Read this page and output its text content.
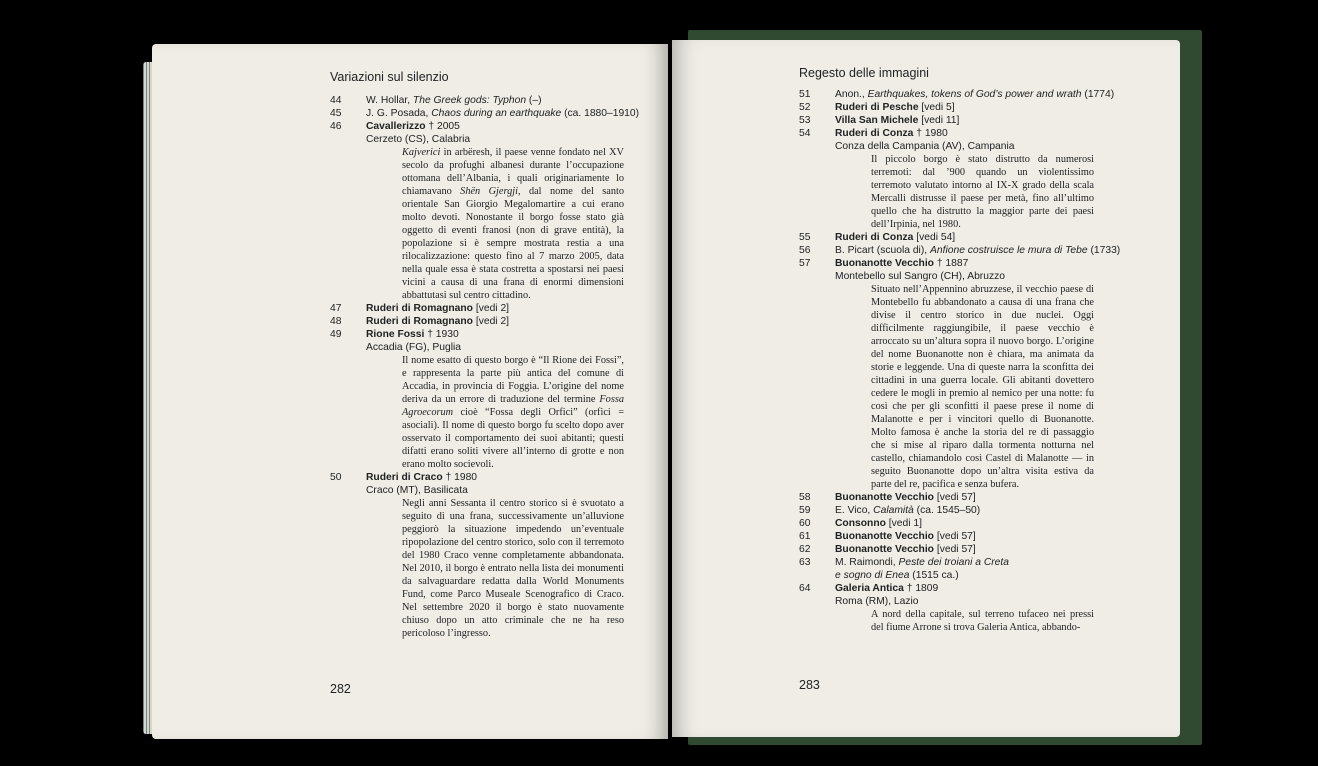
Variazioni sul silenzio
44	W. Hollar, The Greek gods: Typhon (–)
45	J. G. Posada, Chaos during an earthquake (ca. 1880–1910)
46	Cavallerizzo † 2005
Cerzeto (CS), Calabria
Kajverici in arbëresh, il paese venne fondato nel XV secolo da profughi albanesi durante l’occupazione ottomana dell’Albania, i quali originariamente lo chiamavano Shën Gjergji, dal nome del santo orientale San Giorgio Megalomartire a cui erano molto devoti. Nonostante il borgo fosse stato già oggetto di eventi franosi (non di grave entità), la popolazione si è sempre mostrata restia a una rilocalizzazione: questo fino al 7 marzo 2005, data nella quale essa è stata costretta a spostarsi nei paesi vicini a causa di una frana di enormi dimensioni abbattutasi sul centro cittadino.
47	Ruderi di Romagnano [vedi 2]
48	Ruderi di Romagnano [vedi 2]
49	Rione Fossi † 1930
Accadia (FG), Puglia
Il nome esatto di questo borgo è “Il Rione dei Fossi”, e rappresenta la parte più antica del comune di Accadia, in provincia di Foggia. L’origine del nome deriva da un errore di traduzione del termine Fossa Agroecorum cioè “Fossa degli Orfici” (orfici = asociali). Il nome di questo borgo fu scelto dopo aver osservato il comportamento dei suoi abitanti; questi difatti erano soliti vivere all’interno di grotte e non erano molto socievoli.
50	Ruderi di Craco † 1980
Craco (MT), Basilicata
Negli anni Sessanta il centro storico si è svuotato a seguito di una frana, successivamente un’alluvione peggiorò la situazione impedendo un’eventuale ripopolazione del centro storico, solo con il terremoto del 1980 Craco venne completamente abbandonata. Nel 2010, il borgo è entrato nella lista dei monumenti da salvaguardare redatta dalla World Monuments Fund, come Parco Museale Scenografico di Craco. Nel settembre 2020 il borgo è stato nuovamente chiuso dopo un atto criminale che ne ha reso pericoloso l’ingresso.
282
Regesto delle immagini
51	Anon., Earthquakes, tokens of God’s power and wrath (1774)
52	Ruderi di Pesche [vedi 5]
53	Villa San Michele [vedi 11]
54	Ruderi di Conza † 1980
Conza della Campania (AV), Campania
Il piccolo borgo è stato distrutto da numerosi terremoti: dal ’900 quando un violentissimo terremoto valutato intorno al IX-X grado della scala Mercalli distrusse il paese per metà, fino all’ultimo quello che ha distrutto la maggior parte dei paesi dell’Irpinia, nel 1980.
55	Ruderi di Conza [vedi 54]
56	B. Picart (scuola di), Anfione costruisce le mura di Tebe (1733)
57	Buonanotte Vecchio † 1887
Montebello sul Sangro (CH), Abruzzo
Situato nell’Appennino abruzzese, il vecchio paese di Montebello fu abbandonato a causa di una frana che divise il centro storico in due nuclei. Oggi difficilmente raggiungibile, il paese vecchio è arroccato su un’altura sopra il nuovo borgo. L’origine del nome Buonanotte non è chiara, ma animata da storie e leggende. Una di queste narra la sconfitta dei cittadini in una guerra locale. Gli abitanti dovettero cedere le mogli in premio al nemico per una notte: fu così che per gli sconfitti il paese prese il nome di Malanotte e per i vincitori quello di Buonanotte. Molto famosa è anche la storia del re di passaggio che si mise al riparo dalla tormenta notturna nel castello, chiamandolo così Castel di Malanotte — in seguito Buonanotte dopo un’altra visita estiva da parte del re, pacifica e senza bufera.
58	Buonanotte Vecchio [vedi 57]
59	E. Vico, Calamità (ca. 1545–50)
60	Consonno [vedi 1]
61	Buonanotte Vecchio [vedi 57]
62	Buonanotte Vecchio [vedi 57]
63	M. Raimondi, Peste dei troiani a Creta
e sogno di Enea (1515 ca.)
64	Galeria Antica † 1809
Roma (RM), Lazio
A nord della capitale, sul terreno tufaceo nei pressi del fiume Arrone si trova Galeria Antica, abbando-
283
